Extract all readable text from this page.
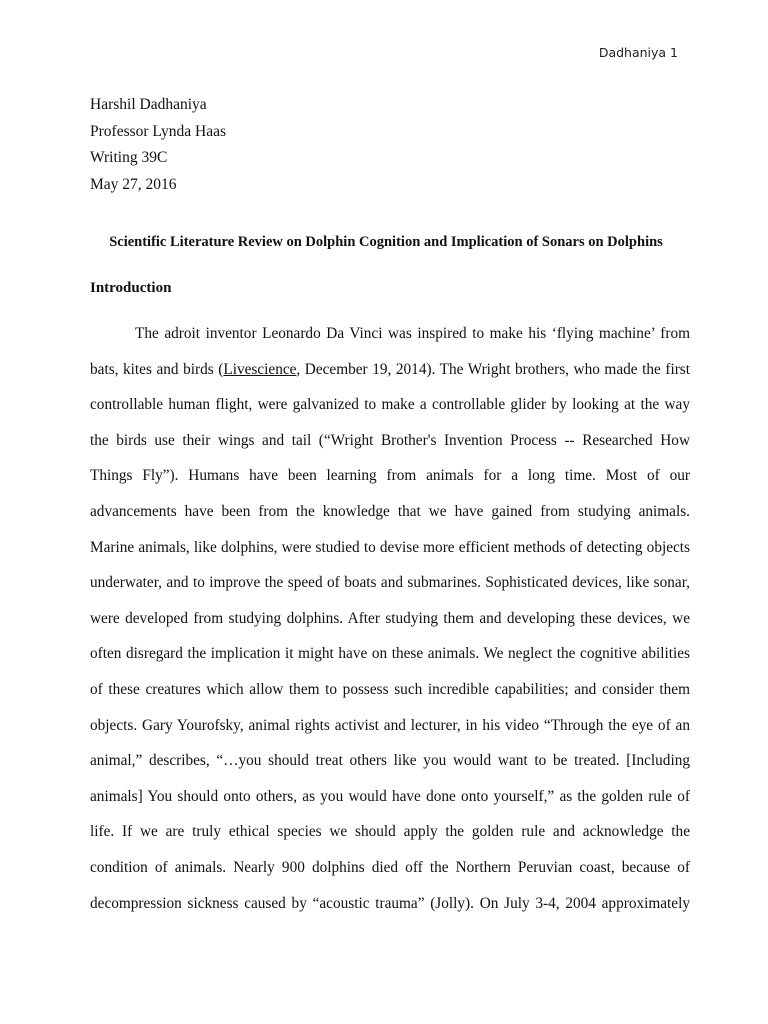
Dadhaniya 1
Harshil Dadhaniya
Professor Lynda Haas
Writing 39C
May 27, 2016
Scientific Literature Review on Dolphin Cognition and Implication of Sonars on Dolphins
Introduction
The adroit inventor Leonardo Da Vinci was inspired to make his ‘flying machine’ from
bats, kites and birds (Livescience, December 19, 2014). The Wright brothers, who made the first
controllable human flight, were galvanized to make a controllable glider by looking at the way
the birds use their wings and tail (“Wright Brother's Invention Process -- Researched How
Things Fly”). Humans have been learning from animals for a long time. Most of our
advancements have been from the knowledge that we have gained from studying animals.
Marine animals, like dolphins, were studied to devise more efficient methods of detecting objects
underwater, and to improve the speed of boats and submarines. Sophisticated devices, like sonar,
were developed from studying dolphins. After studying them and developing these devices, we
often disregard the implication it might have on these animals. We neglect the cognitive abilities
of these creatures which allow them to possess such incredible capabilities; and consider them
objects. Gary Yourofsky, animal rights activist and lecturer, in his video “Through the eye of an
animal,” describes, “…you should treat others like you would want to be treated. [Including
animals] You should onto others, as you would have done onto yourself,” as the golden rule of
life. If we are truly ethical species we should apply the golden rule and acknowledge the
condition of animals. Nearly 900 dolphins died off the Northern Peruvian coast, because of
decompression sickness caused by “acoustic trauma” (Jolly). On July 3-4, 2004 approximately
